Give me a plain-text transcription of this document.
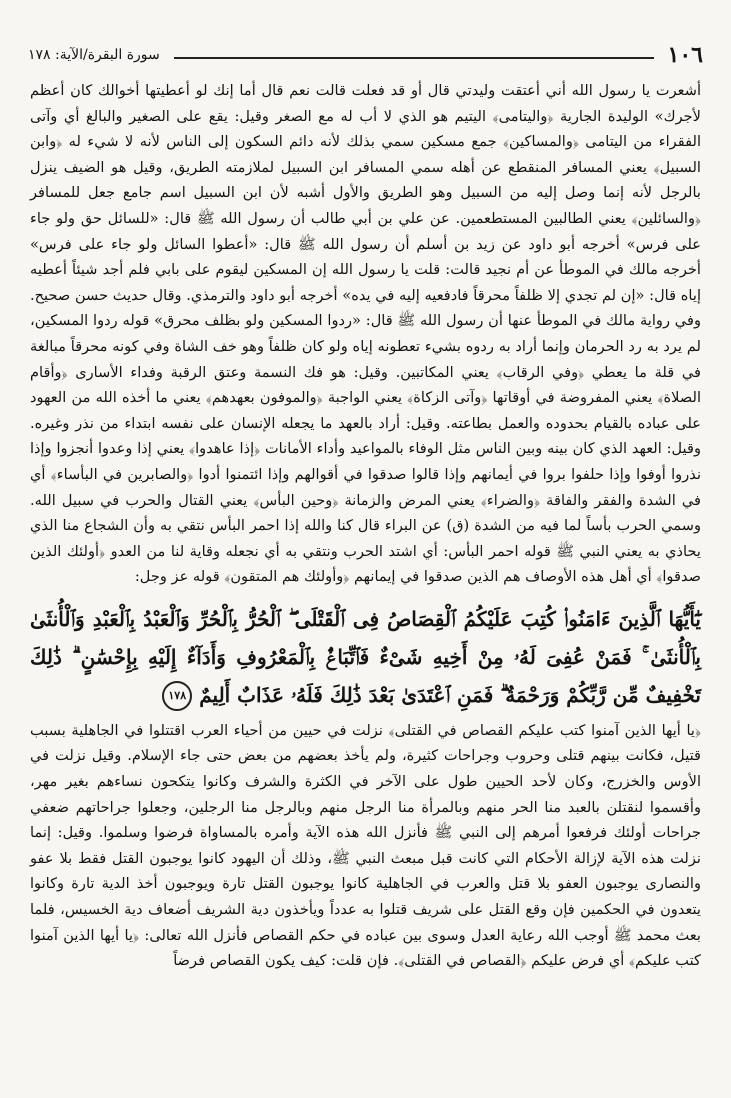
١٠٦
سورة البقرة/الآية: ١٧٨

أشعرت يا رسول الله أني أعتقت وليدتي قال أو قد فعلت قالت نعم قال أما إنك لو أعطيتها أخوالك كان أعظم لأجرك» الوليدة الجارية ﴿واليتامى﴾ اليتيم هو الذي لا أب له مع الصغر وقيل: يقع على الصغير والبالغ أي وآتى الفقراء من اليتامى ﴿والمساكين﴾ جمع مسكين سمي بذلك لأنه دائم السكون إلى الناس لأنه لا شيء له ﴿وابن السبيل﴾ يعني المسافر المنقطع عن أهله سمي المسافر ابن السبيل لملازمته الطريق، وقيل هو الضيف ينزل بالرجل لأنه إنما وصل إليه من السبيل وهو الطريق والأول أشبه لأن ابن السبيل اسم جامع جعل للمسافر ﴿والسائلين﴾ يعني الطالبين المستطعمين. عن علي بن أبي طالب أن رسول الله ﷺ قال: «للسائل حق ولو جاء على فرس» أخرجه أبو داود عن زيد بن أسلم أن رسول الله ﷺ قال: «أعطوا السائل ولو جاء على فرس» أخرجه مالك في الموطأ عن أم نجيد قالت: قلت يا رسول الله إن المسكين ليقوم على بابي فلم أجد شيئاً أعطيه إياه قال: «إن لم تجدي إلا ظلفاً محرقاً فادفعيه إليه في يده» أخرجه أبو داود والترمذي. وقال حديث حسن صحيح. وفي رواية مالك في الموطأ عنها أن رسول الله ﷺ قال: «ردوا المسكين ولو بظلف محرق» قوله ردوا المسكين، لم يرد به رد الحرمان وإنما أراد به ردوه بشيء تعطونه إياه ولو كان ظلفاً وهو خف الشاة وفي كونه محرقاً مبالغة في قلة ما يعطي ﴿وفي الرقاب﴾ يعني المكاتبين. وقيل: هو فك النسمة وعتق الرقبة وفداء الأسارى ﴿وأقام الصلاة﴾ يعني المفروضة في أوقاتها ﴿وآتى الزكاة﴾ يعني الواجبة ﴿والموفون بعهدهم﴾ يعني ما أخذه الله من العهود على عباده بالقيام بحدوده والعمل بطاعته. وقيل: أراد بالعهد ما يجعله الإنسان على نفسه ابتداء من نذر وغيره. وقيل: العهد الذي كان بينه وبين الناس مثل الوفاء بالمواعيد وأداء الأمانات ﴿إذا عاهدوا﴾ يعني إذا وعدوا أنجزوا وإذا نذروا أوفوا وإذا حلفوا بروا في أيمانهم وإذا قالوا صدقوا في أقوالهم وإذا ائتمنوا أدوا ﴿والصابرين في البأساء﴾ أي في الشدة والفقر والفاقة ﴿والضراء﴾ يعني المرض والزمانة ﴿وحين البأس﴾ يعني القتال والحرب في سبيل الله. وسمي الحرب بأساً لما فيه من الشدة (ق) عن البراء قال كنا والله إذا احمر البأس نتقي به وأن الشجاع منا الذي يحاذي به يعني النبي ﷺ قوله احمر البأس: أي اشتد الحرب ونتقي به أي نجعله وقاية لنا من العدو ﴿أولئك الذين صدقوا﴾ أي أهل هذه الأوصاف هم الذين صدقوا في إيمانهم ﴿وأولئك هم المتقون﴾ قوله عز وجل:

يَٰٓأَيُّهَا ٱلَّذِينَ ءَامَنُوا۟ كُتِبَ عَلَيْكُمُ ٱلْقِصَاصُ فِى ٱلْقَتْلَى ۖ ٱلْحُرُّ بِٱلْحُرِّ وَٱلْعَبْدُ بِٱلْعَبْدِ وَٱلْأُنثَىٰ بِٱلْأُنثَىٰ ۚ فَمَنْ عُفِىَ لَهُۥ مِنْ أَخِيهِ شَىْءٌ فَٱتِّبَاعٌۢ بِٱلْمَعْرُوفِ وَأَدَآءٌ إِلَيْهِ بِإِحْسَٰنٍ ۗ ذَٰلِكَ تَخْفِيفٌ مِّن رَّبِّكُمْ وَرَحْمَةٌ ۗ فَمَنِ ٱعْتَدَىٰ بَعْدَ ذَٰلِكَ فَلَهُۥ عَذَابٌ أَلِيمٌ ١٧٨

﴿يا أيها الذين آمنوا كتب عليكم القصاص في القتلى﴾ نزلت في حيين من أحياء العرب اقتتلوا في الجاهلية بسبب قتيل، فكانت بينهم قتلى وحروب وجراحات كثيرة، ولم يأخذ بعضهم من بعض حتى جاء الإسلام. وقيل نزلت في الأوس والخزرج، وكان لأحد الحيين طول على الآخر في الكثرة والشرف وكانوا يتكحون نساءهم بغير مهر، وأقسموا لنقتلن بالعبد منا الحر منهم وبالمرأة منا الرجل منهم وبالرجل منا الرجلين، وجعلوا جراحاتهم ضعفي جراحات أولئك فرفعوا أمرهم إلى النبي ﷺ فأنزل الله هذه الآية وأمره بالمساواة فرضوا وسلموا. وقيل: إنما نزلت هذه الآية لإزالة الأحكام التي كانت قبل مبعث النبي ﷺ، وذلك أن اليهود كانوا يوجبون القتل فقط بلا عفو والنصارى يوجبون العفو بلا قتل والعرب في الجاهلية كانوا يوجبون القتل تارة ويوجبون أخذ الدية تارة وكانوا يتعدون في الحكمين فإن وقع القتل على شريف قتلوا به عدداً ويأخذون دية الشريف أضعاف دية الخسيس، فلما بعث محمد ﷺ أوجب الله رعاية العدل وسوى بين عباده في حكم القصاص فأنزل الله تعالى: ﴿يا أيها الذين آمنوا كتب عليكم﴾ أي فرض عليكم ﴿القصاص في القتلى﴾. فإن قلت: كيف يكون القصاص فرضاً
